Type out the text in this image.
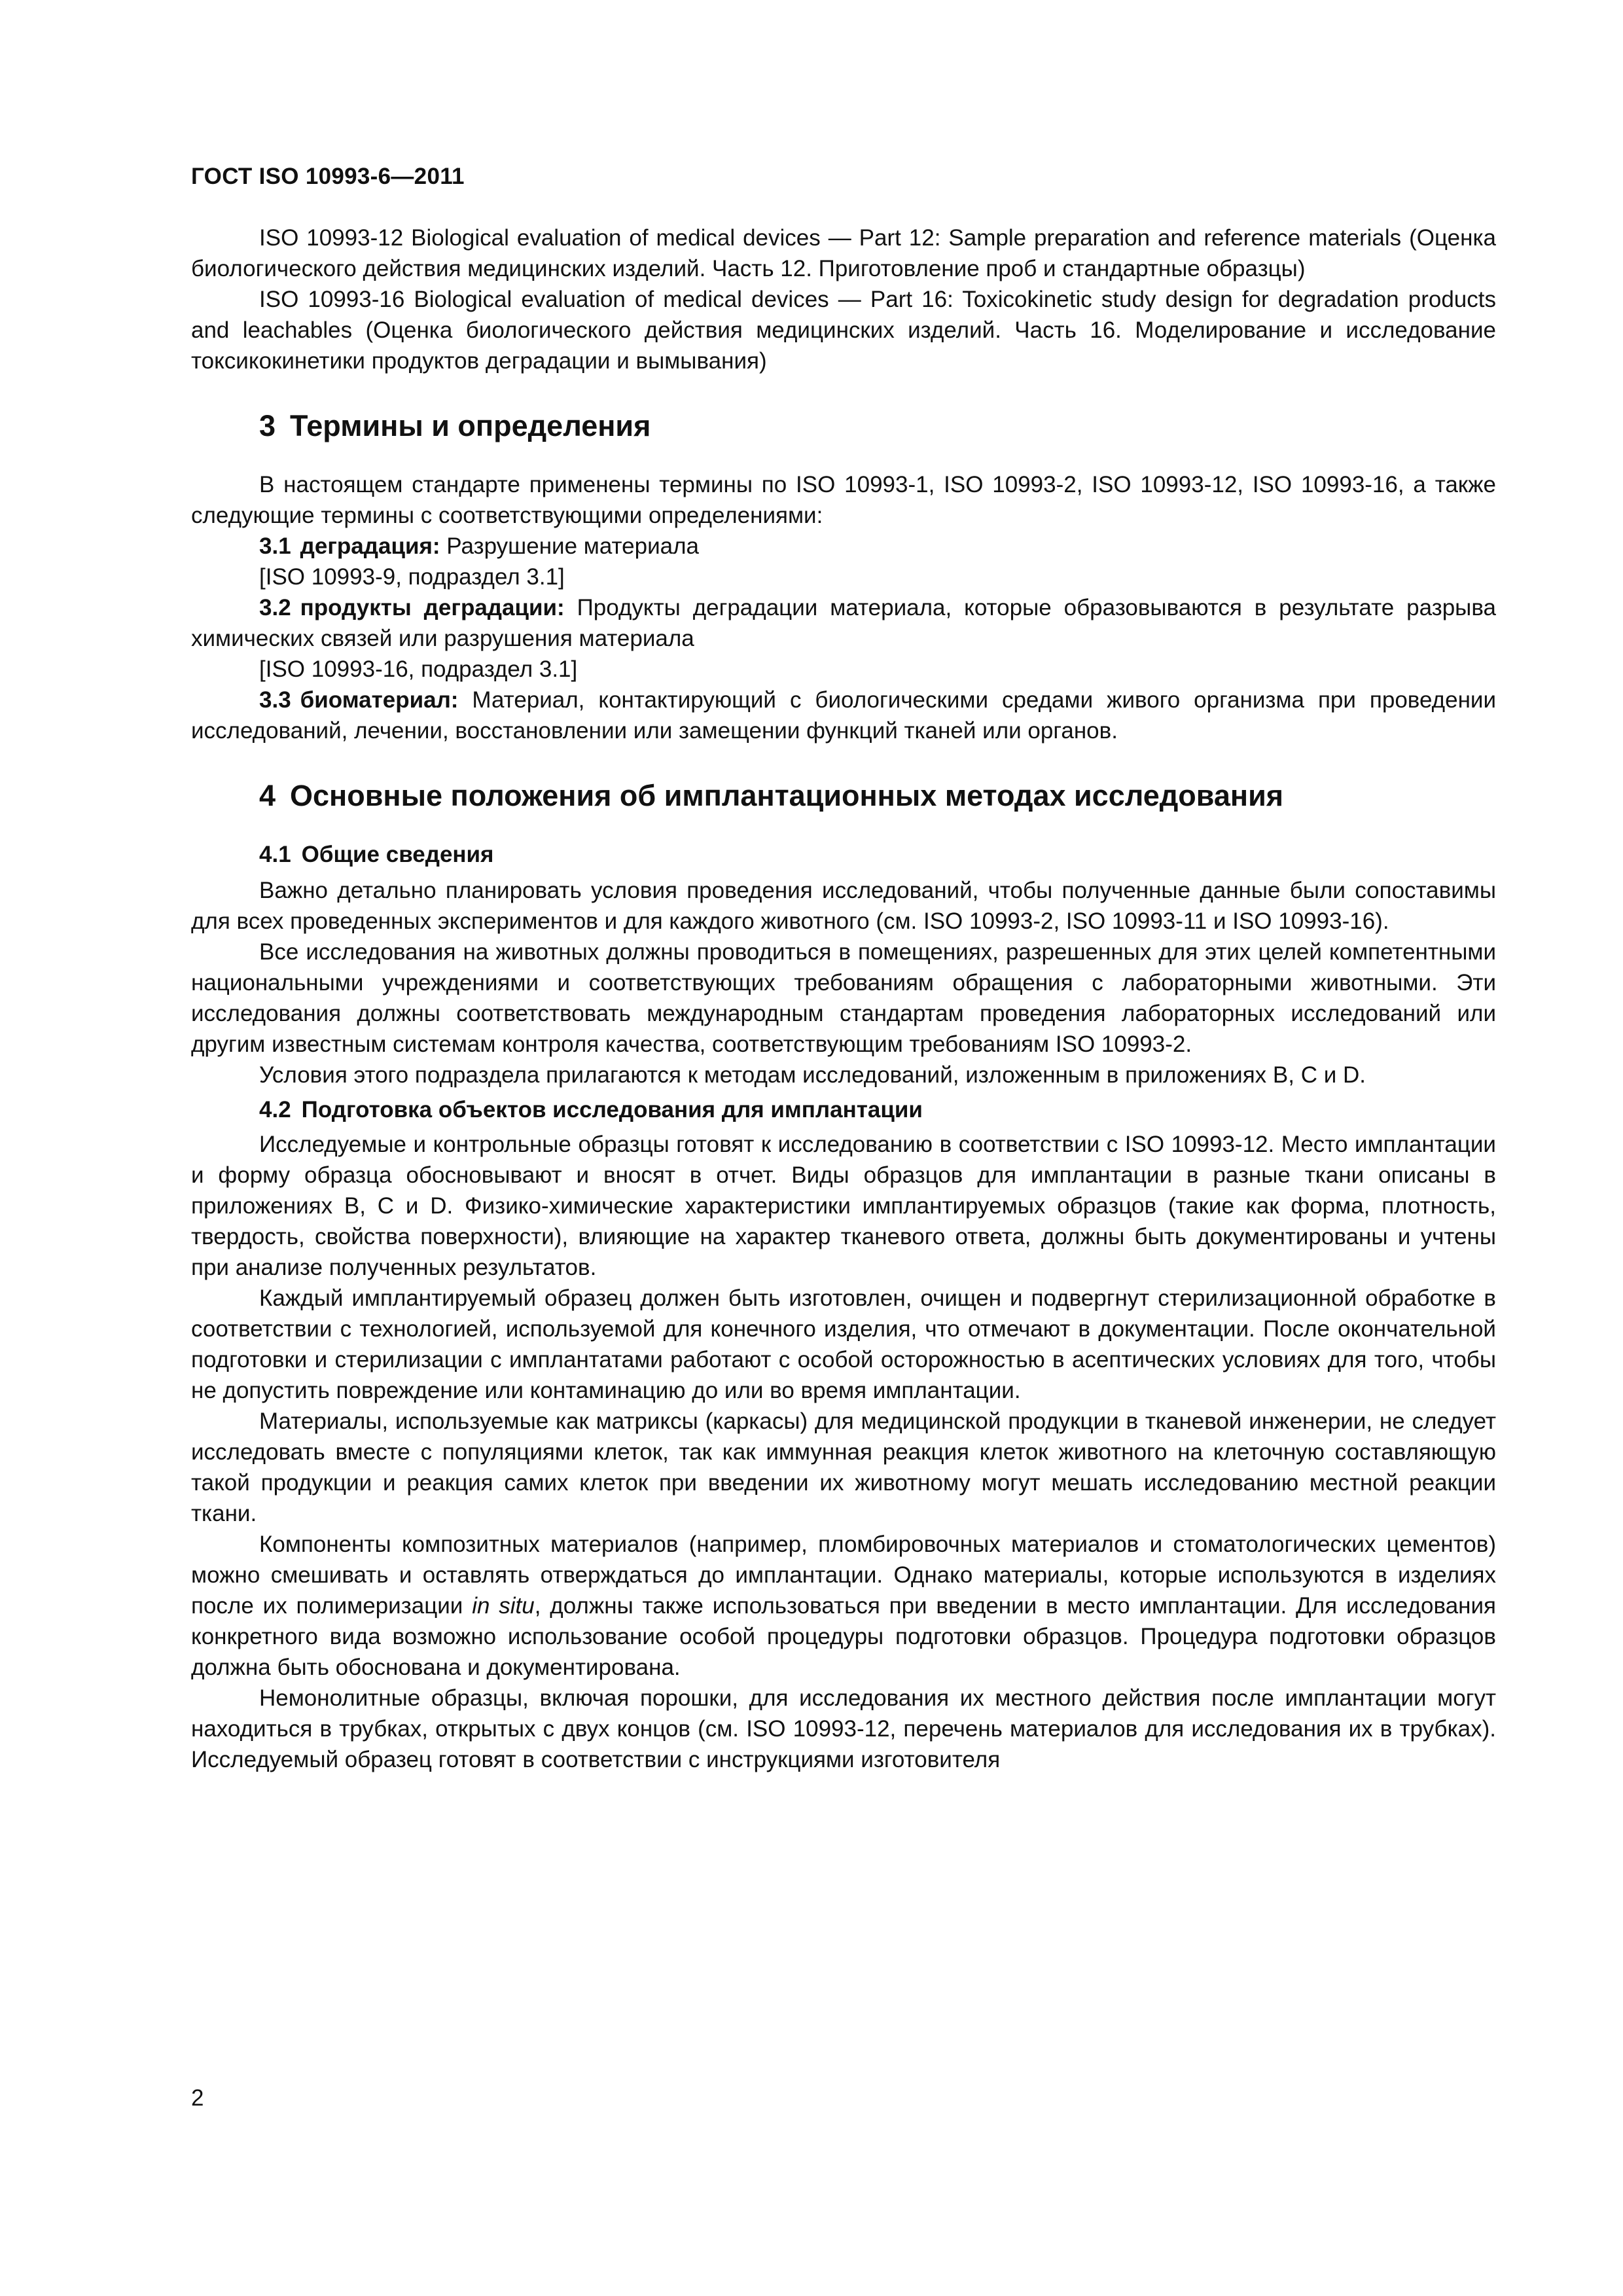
ГОСТ ISO 10993-6—2011

ISO 10993-12 Biological evaluation of medical devices — Part 12: Sample preparation and reference materials (Оценка биологического действия медицинских изделий. Часть 12. Приготовление проб и стандартные образцы)

ISO 10993-16 Biological evaluation of medical devices — Part 16: Toxicokinetic study design for degradation products and leachables (Оценка биологического действия медицинских изделий. Часть 16. Моделирование и исследование токсикокинетики продуктов деградации и вымывания)

3 Термины и определения

В настоящем стандарте применены термины по ISO 10993-1, ISO 10993-2, ISO 10993-12, ISO 10993-16, а также следующие термины с соответствующими определениями:

3.1 деградация: Разрушение материала

[ISO 10993-9, подраздел 3.1]

3.2 продукты деградации: Продукты деградации материала, которые образовываются в результате разрыва химических связей или разрушения материала

[ISO 10993-16, подраздел 3.1]

3.3 биоматериал: Материал, контактирующий с биологическими средами живого организма при проведении исследований, лечении, восстановлении или замещении функций тканей или органов.

4 Основные положения об имплантационных методах исследования
4.1 Общие сведения

Важно детально планировать условия проведения исследований, чтобы полученные данные были сопоставимы для всех проведенных экспериментов и для каждого животного (см. ISO 10993-2, ISO 10993-11 и ISO 10993-16).

Все исследования на животных должны проводиться в помещениях, разрешенных для этих целей компетентными национальными учреждениями и соответствующих требованиям обращения с лабораторными животными. Эти исследования должны соответствовать международным стандартам проведения лабораторных исследований или другим известным системам контроля качества, соответствующим требованиям ISO 10993-2.

Условия этого подраздела прилагаются к методам исследований, изложенным в приложениях B, C и D.

4.2 Подготовка объектов исследования для имплантации

Исследуемые и контрольные образцы готовят к исследованию в соответствии с ISO 10993-12. Место имплантации и форму образца обосновывают и вносят в отчет. Виды образцов для имплантации в разные ткани описаны в приложениях B, C и D. Физико-химические характеристики имплантируемых образцов (такие как форма, плотность, твердость, свойства поверхности), влияющие на характер тканевого ответа, должны быть документированы и учтены при анализе полученных результатов.

Каждый имплантируемый образец должен быть изготовлен, очищен и подвергнут стерилизационной обработке в соответствии с технологией, используемой для конечного изделия, что отмечают в документации. После окончательной подготовки и стерилизации с имплантатами работают с особой осторожностью в асептических условиях для того, чтобы не допустить повреждение или контаминацию до или во время имплантации.

Материалы, используемые как матриксы (каркасы) для медицинской продукции в тканевой инженерии, не следует исследовать вместе с популяциями клеток, так как иммунная реакция клеток животного на клеточную составляющую такой продукции и реакция самих клеток при введении их животному могут мешать исследованию местной реакции ткани.

Компоненты композитных материалов (например, пломбировочных материалов и стоматологических цементов) можно смешивать и оставлять отверждаться до имплантации. Однако материалы, которые используются в изделиях после их полимеризации in situ, должны также использоваться при введении в место имплантации. Для исследования конкретного вида возможно использование особой процедуры подготовки образцов. Процедура подготовки образцов должна быть обоснована и документирована.

Немонолитные образцы, включая порошки, для исследования их местного действия после имплантации могут находиться в трубках, открытых с двух концов (см. ISO 10993-12, перечень материалов для исследования их в трубках). Исследуемый образец готовят в соответствии с инструкциями изготовителя

2
